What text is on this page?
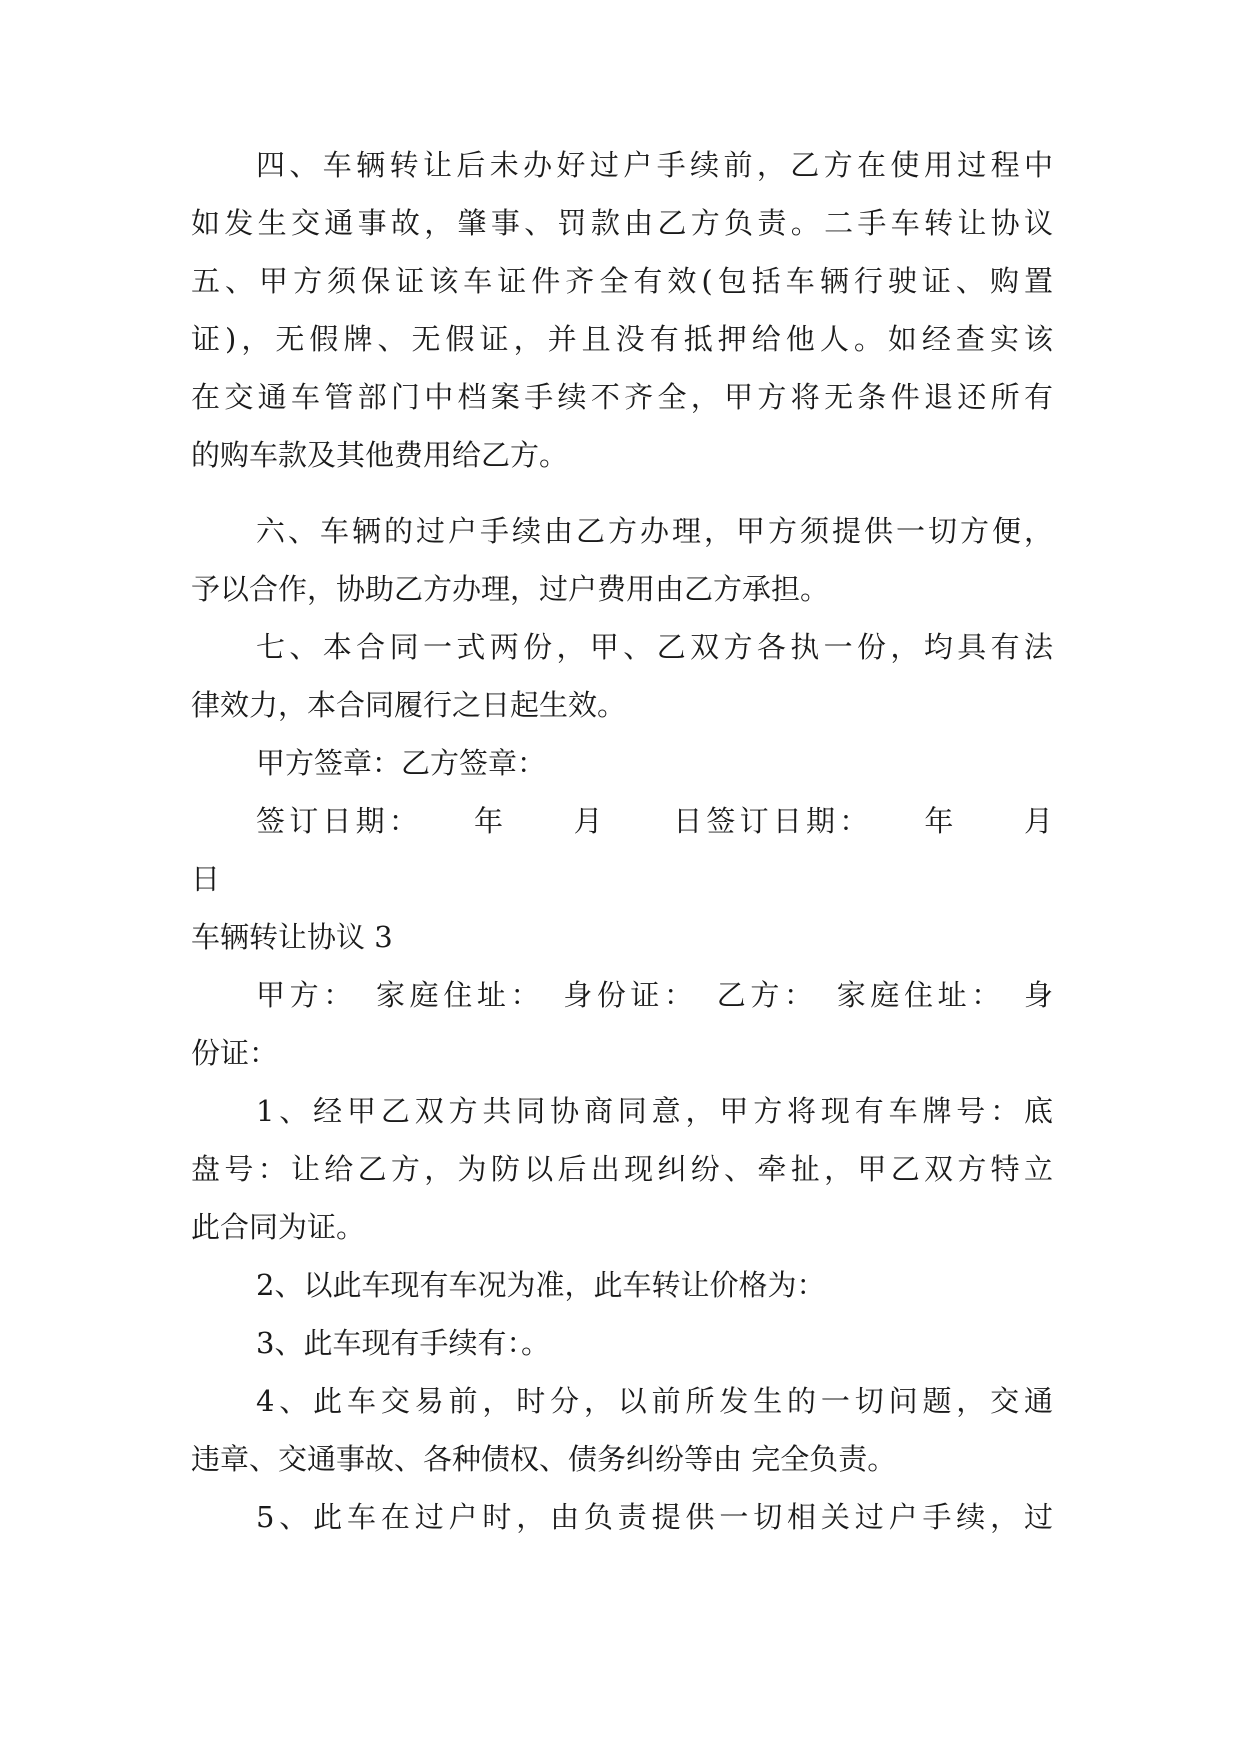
四、车辆转让后未办好过户手续前，乙方在使用过程中
如发生交通事故，肇事、罚款由乙方负责。二手车转让协议
五、甲方须保证该车证件齐全有效(包括车辆行驶证、购置
证)，无假牌、无假证，并且没有抵押给他人。如经查实该
在交通车管部门中档案手续不齐全，甲方将无条件退还所有
的购车款及其他费用给乙方。
六、车辆的过户手续由乙方办理，甲方须提供一切方便，
予以合作，协助乙方办理，过户费用由乙方承担。
七、本合同一式两份，甲、乙双方各执一份，均具有法
律效力，本合同履行之日起生效。
甲方签章：乙方签章：
签订日期：　　年　　月　　日签订日期：　　年　　月
日
车辆转让协议 3
甲方：　家庭住址：　身份证：　乙方：　家庭住址：　身
份证：
1、经甲乙双方共同协商同意，甲方将现有车牌号：底
盘号：让给乙方，为防以后出现纠纷、牵扯，甲乙双方特立
此合同为证。
2、以此车现有车况为准，此车转让价格为：
3、此车现有手续有：。
4、此车交易前，时分，以前所发生的一切问题，交通
违章、交通事故、各种债权、债务纠纷等由 完全负责。
5、此车在过户时，由负责提供一切相关过户手续，过
